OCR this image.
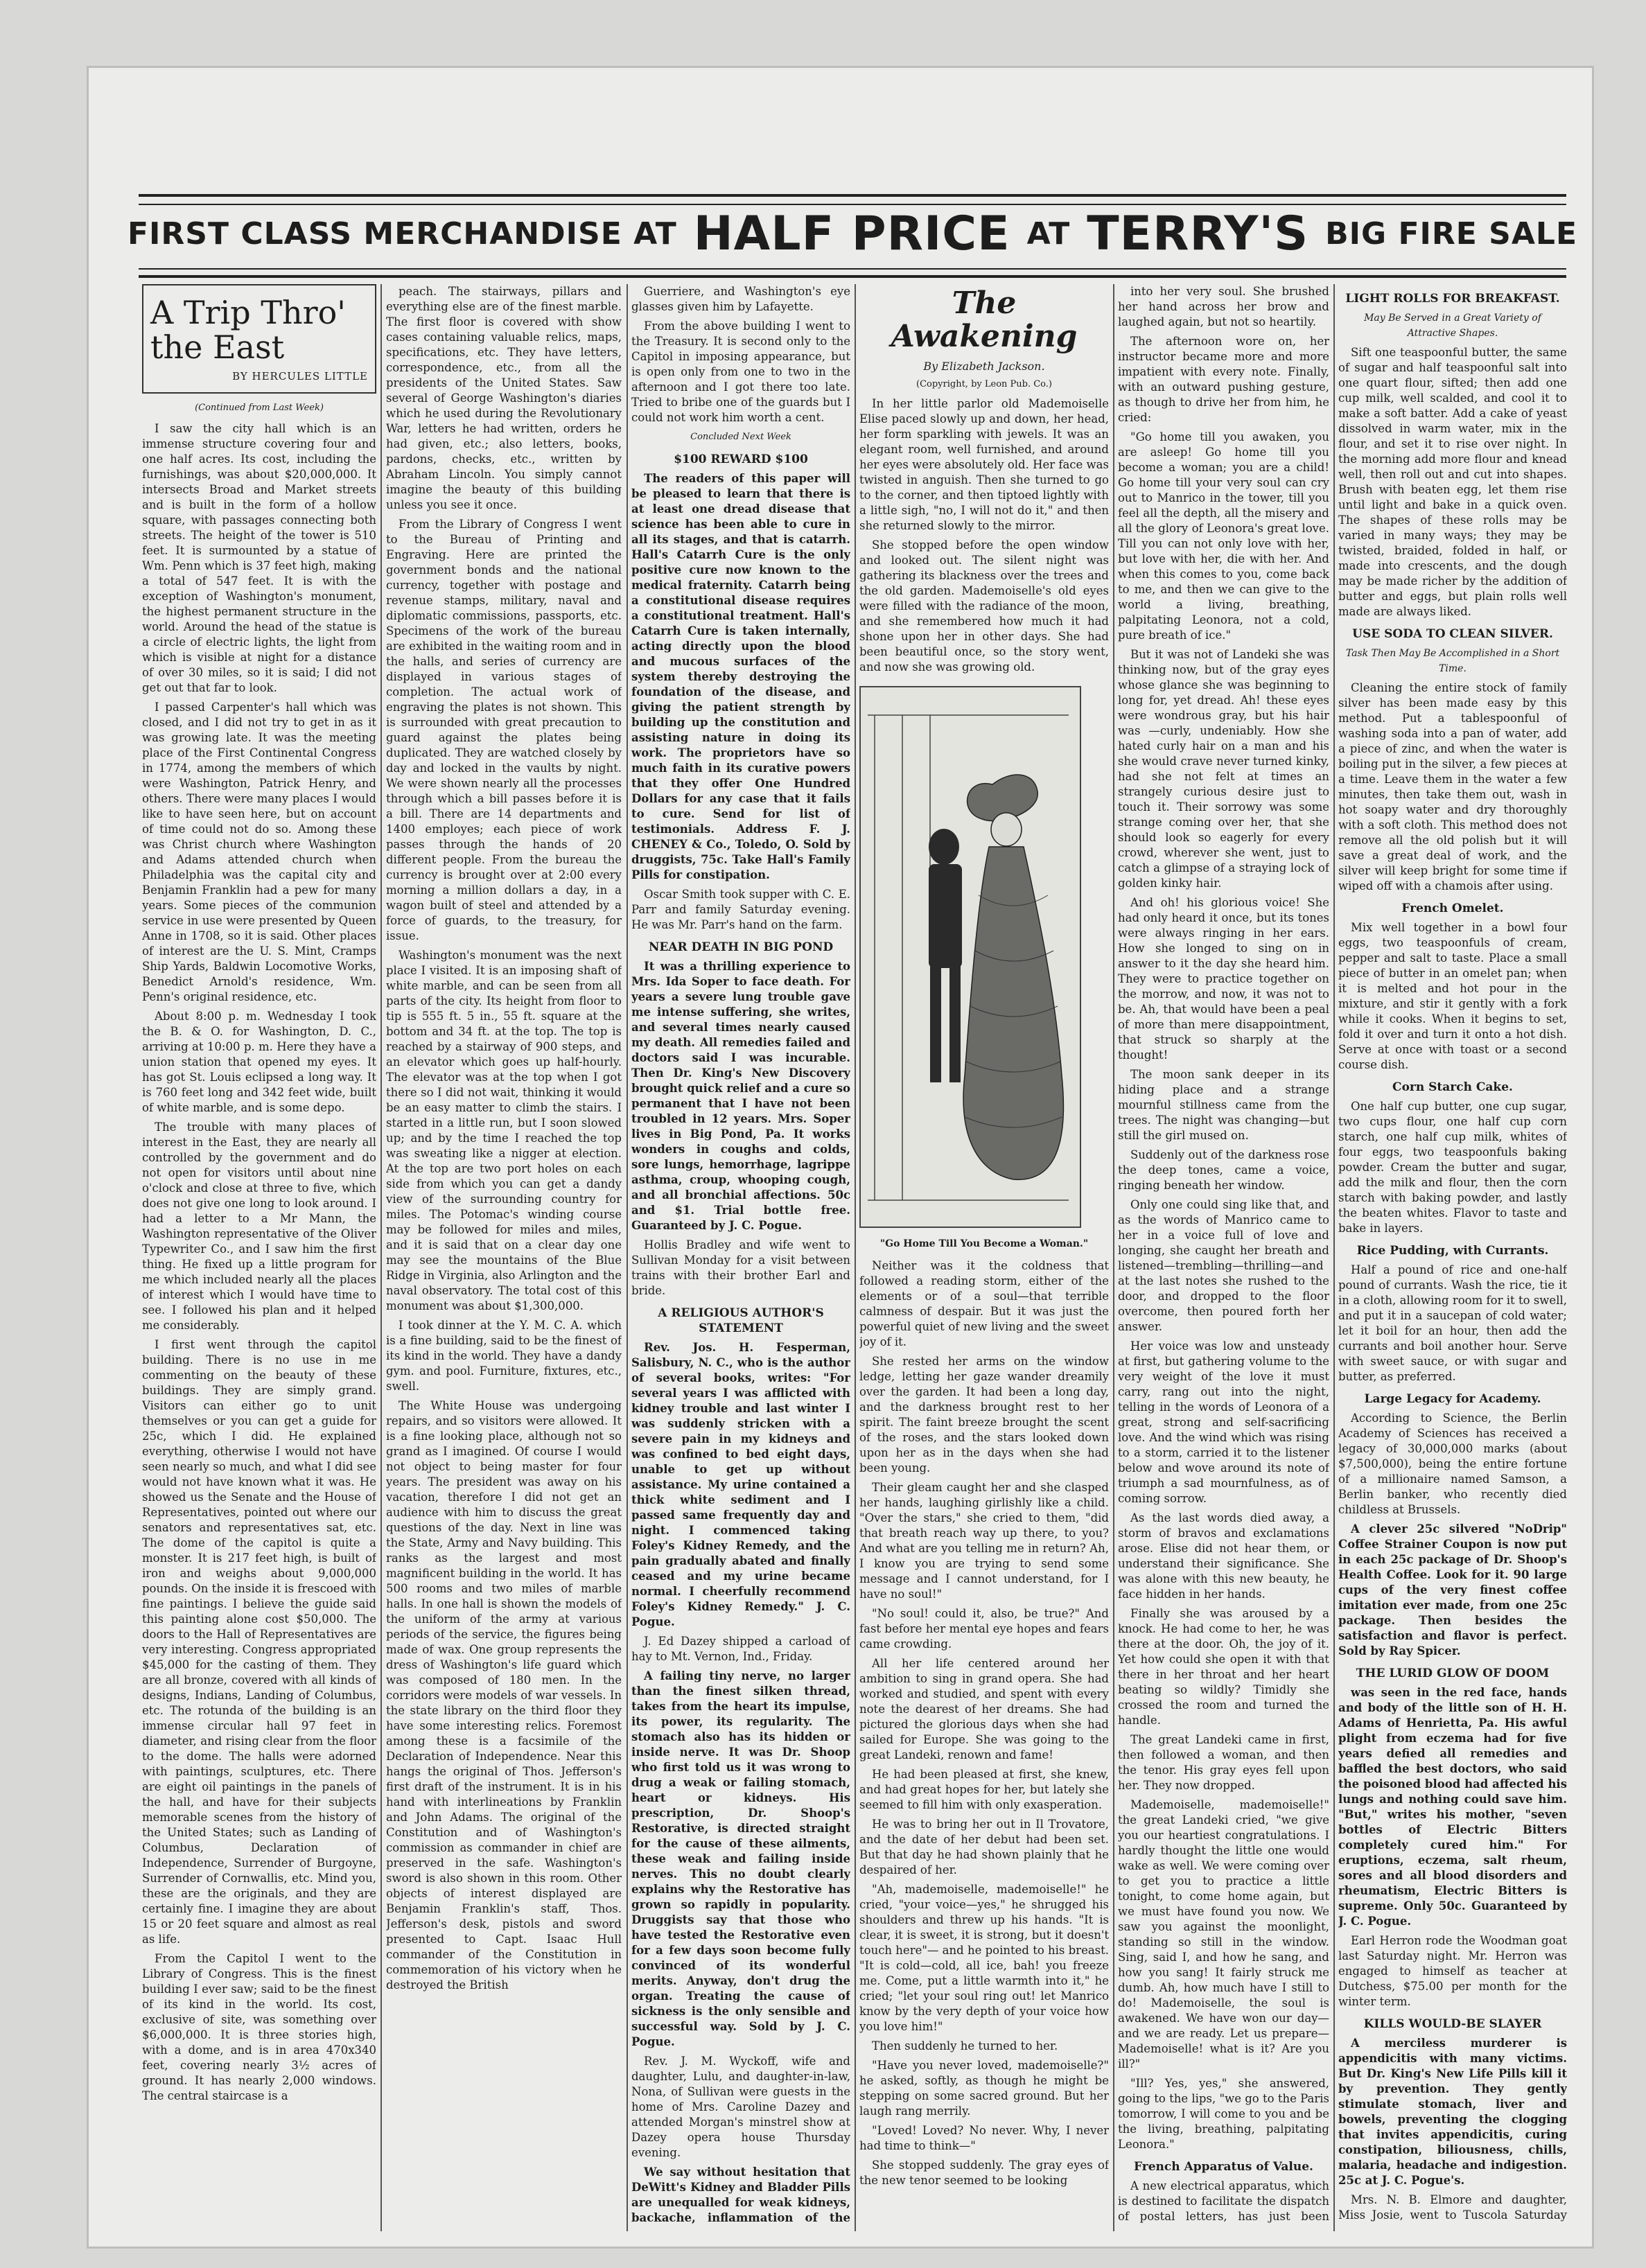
FIRST CLASS MERCHANDISE AT HALF PRICE AT TERRY'S BIG FIRE SALE
A Trip Thro' the East
BY HERCULES LITTLE
(Continued from Last Week)

I saw the city hall which is an immense structure covering four and one half acres. Its cost, including the furnishings, was about $20,000,000. It intersects Broad and Market streets and is built in the form of a hollow square, with passages connecting both streets. The height of the tower is 510 feet. It is surmounted by a statue of Wm. Penn which is 37 feet high, making a total of 547 feet. It is with the exception of Washington's monument, the highest permanent structure in the world. Around the head of the statue is a circle of electric lights, the light from which is visible at night for a distance of over 30 miles, so it is said; I did not get out that far to look.

I passed Carpenter's hall which was closed, and I did not try to get in as it was growing late. It was the meeting place of the First Continental Congress in 1774, among the members of which were Washington, Patrick Henry, and others. There were many places I would like to have seen here, but on account of time could not do so. Among these was Christ church where Washington and Adams attended church when Philadelphia was the capital city and Benjamin Franklin had a pew for many years. Some pieces of the communion service in use were presented by Queen Anne in 1708, so it is said. Other places of interest are the U. S. Mint, Cramps Ship Yards, Baldwin Locomotive Works, Benedict Arnold's residence, Wm. Penn's original residence, etc.

About 8:00 p. m. Wednesday I took the B. & O. for Washington, D. C., arriving at 10:00 p. m. Here they have a union station that opened my eyes. It has got St. Louis eclipsed a long way. It is 760 feet long and 342 feet wide, built of white marble, and is some depo.

The trouble with many places of interest in the East, they are nearly all controlled by the government and do not open for visitors until about nine o'clock and close at three to five, which does not give one long to look around. I had a letter to a Mr Mann, the Washington representative of the Oliver Typewriter Co., and I saw him the first thing. He fixed up a little program for me which included nearly all the places of interest which I would have time to see. I followed his plan and it helped me considerably.

I first went through the capitol building. There is no use in me commenting on the beauty of these buildings. They are simply grand. Visitors can either go to unit themselves or you can get a guide for 25c, which I did. He explained everything, otherwise I would not have seen nearly so much, and what I did see would not have known what it was. He showed us the Senate and the House of Representatives, pointed out where our senators and representatives sat, etc. The dome of the capitol is quite a monster. It is 217 feet high, is built of iron and weighs about 9,000,000 pounds. On the inside it is frescoed with fine paintings. I believe the guide said this painting alone cost $50,000. The doors to the Hall of Representatives are very interesting. Congress appropriated $45,000 for the casting of them. They are all bronze, covered with all kinds of designs, Indians, Landing of Columbus, etc. The rotunda of the building is an immense circular hall 97 feet in diameter, and rising clear from the floor to the dome. The halls were adorned with paintings, sculptures, etc. There are eight oil paintings in the panels of the hall, and have for their subjects memorable scenes from the history of the United States; such as Landing of Columbus, Declaration of Independence, Surrender of Burgoyne, Surrender of Cornwallis, etc. Mind you, these are the originals, and they are certainly fine. I imagine they are about 15 or 20 feet square and almost as real as life.

From the Capitol I went to the Library of Congress. This is the finest building I ever saw; said to be the finest of its kind in the world. Its cost, exclusive of site, was something over $6,000,000. It is three stories high, with a dome, and is in area 470x340 feet, covering nearly 3½ acres of ground. It has nearly 2,000 windows. The central staircase is a

peach. The stairways, pillars and everything else are of the finest marble. The first floor is covered with show cases containing valuable relics, maps, specifications, etc. They have letters, correspondence, etc., from all the presidents of the United States. Saw several of George Washington's diaries which he used during the Revolutionary War, letters he had written, orders he had given, etc.; also letters, books, pardons, checks, etc., written by Abraham Lincoln. You simply cannot imagine the beauty of this building unless you see it once.

From the Library of Congress I went to the Bureau of Printing and Engraving. Here are printed the government bonds and the national currency, together with postage and revenue stamps, military, naval and diplomatic commissions, passports, etc. Specimens of the work of the bureau are exhibited in the waiting room and in the halls, and series of currency are displayed in various stages of completion. The actual work of engraving the plates is not shown. This is surrounded with great precaution to guard against the plates being duplicated. They are watched closely by day and locked in the vaults by night. We were shown nearly all the processes through which a bill passes before it is a bill. There are 14 departments and 1400 employes; each piece of work passes through the hands of 20 different people. From the bureau the currency is brought over at 2:00 every morning a million dollars a day, in a wagon built of steel and attended by a force of guards, to the treasury, for issue.

Washington's monument was the next place I visited. It is an imposing shaft of white marble, and can be seen from all parts of the city. Its height from floor to tip is 555 ft. 5 in., 55 ft. square at the bottom and 34 ft. at the top. The top is reached by a stairway of 900 steps, and an elevator which goes up half-hourly. The elevator was at the top when I got there so I did not wait, thinking it would be an easy matter to climb the stairs. I started in a little run, but I soon slowed up; and by the time I reached the top was sweating like a nigger at election. At the top are two port holes on each side from which you can get a dandy view of the surrounding country for miles. The Potomac's winding course may be followed for miles and miles, and it is said that on a clear day one may see the mountains of the Blue Ridge in Virginia, also Arlington and the naval observatory. The total cost of this monument was about $1,300,000.

I took dinner at the Y. M. C. A. which is a fine building, said to be the finest of its kind in the world. They have a dandy gym. and pool. Furniture, fixtures, etc., swell.

The White House was undergoing repairs, and so visitors were allowed. It is a fine looking place, although not so grand as I imagined. Of course I would not object to being master for four years. The president was away on his vacation, therefore I did not get an audience with him to discuss the great questions of the day. Next in line was the State, Army and Navy building. This ranks as the largest and most magnificent building in the world. It has 500 rooms and two miles of marble halls. In one hall is shown the models of the uniform of the army at various periods of the service, the figures being made of wax. One group represents the dress of Washington's life guard which was composed of 180 men. In the corridors were models of war vessels. In the state library on the third floor they have some interesting relics. Foremost among these is a facsimile of the Declaration of Independence. Near this hangs the original of Thos. Jefferson's first draft of the instrument. It is in his hand with interlineations by Franklin and John Adams. The original of the Constitution and of Washington's commission as commander in chief are preserved in the safe. Washington's sword is also shown in this room. Other objects of interest displayed are Benjamin Franklin's staff, Thos. Jefferson's desk, pistols and sword presented to Capt. Isaac Hull commander of the Constitution in commemoration of his victory when he destroyed the British

Guerriere, and Washington's eye glasses given him by Lafayette.

From the above building I went to the Treasury. It is second only to the Capitol in imposing appearance, but is open only from one to two in the afternoon and I got there too late. Tried to bribe one of the guards but I could not work him worth a cent.

Concluded Next Week
$100 REWARD $100

The readers of this paper will be pleased to learn that there is at least one dread disease that science has been able to cure in all its stages, and that is catarrh. Hall's Catarrh Cure is the only positive cure now known to the medical fraternity. Catarrh being a constitutional disease requires a constitutional treatment. Hall's Catarrh Cure is taken internally, acting directly upon the blood and mucous surfaces of the system thereby destroying the foundation of the disease, and giving the patient strength by building up the constitution and assisting nature in doing its work. The proprietors have so much faith in its curative powers that they offer One Hundred Dollars for any case that it fails to cure. Send for list of testimonials. Address F. J. CHENEY & Co., Toledo, O. Sold by druggists, 75c. Take Hall's Family Pills for constipation.

Oscar Smith took supper with C. E. Parr and family Saturday evening. He was Mr. Parr's hand on the farm.

NEAR DEATH IN BIG POND

It was a thrilling experience to Mrs. Ida Soper to face death. For years a severe lung trouble gave me intense suffering, she writes, and several times nearly caused my death. All remedies failed and doctors said I was incurable. Then Dr. King's New Discovery brought quick relief and a cure so permanent that I have not been troubled in 12 years. Mrs. Soper lives in Big Pond, Pa. It works wonders in coughs and colds, sore lungs, hemorrhage, lagrippe asthma, croup, whooping cough, and all bronchial affections. 50c and $1. Trial bottle free. Guaranteed by J. C. Pogue.

Hollis Bradley and wife went to Sullivan Monday for a visit between trains with their brother Earl and bride.

A RELIGIOUS AUTHOR'S STATEMENT

Rev. Jos. H. Fesperman, Salisbury, N. C., who is the author of several books, writes: "For several years I was afflicted with kidney trouble and last winter I was suddenly stricken with a severe pain in my kidneys and was confined to bed eight days, unable to get up without assistance. My urine contained a thick white sediment and I passed same frequently day and night. I commenced taking Foley's Kidney Remedy, and the pain gradually abated and finally ceased and my urine became normal. I cheerfully recommend Foley's Kidney Remedy." J. C. Pogue.

J. Ed Dazey shipped a carload of hay to Mt. Vernon, Ind., Friday.

A failing tiny nerve, no larger than the finest silken thread, takes from the heart its impulse, its power, its regularity. The stomach also has its hidden or inside nerve. It was Dr. Shoop who first told us it was wrong to drug a weak or failing stomach, heart or kidneys. His prescription, Dr. Shoop's Restorative, is directed straight for the cause of these ailments, these weak and failing inside nerves. This no doubt clearly explains why the Restorative has grown so rapidly in popularity. Druggists say that those who have tested the Restorative even for a few days soon become fully convinced of its wonderful merits. Anyway, don't drug the organ. Treating the cause of sickness is the only sensible and successful way. Sold by J. C. Pogue.

Rev. J. M. Wyckoff, wife and daughter, Lulu, and daughter-in-law, Nona, of Sullivan were guests in the home of Mrs. Caroline Dazey and attended Morgan's minstrel show at Dazey opera house Thursday evening.

We say without hesitation that DeWitt's Kidney and Bladder Pills are unequalled for weak kidneys, backache, inflammation of the

The
Awakening
By Elizabeth Jackson.
(Copyright, by Leon Pub. Co.)

In her little parlor old Mademoiselle Elise paced slowly up and down, her head, her form sparkling with jewels. It was an elegant room, well furnished, and around her eyes were absolutely old. Her face was twisted in anguish. Then she turned to go to the corner, and then tiptoed lightly with a little sigh, "no, I will not do it," and then she returned slowly to the mirror.

She stopped before the open window and looked out. The silent night was gathering its blackness over the trees and the old garden. Mademoiselle's old eyes were filled with the radiance of the moon, and she remembered how much it had shone upon her in other days. She had been beautiful once, so the story went, and now she was growing old.

"Go Home Till You Become a Woman."

Neither was it the coldness that followed a reading storm, either of the elements or of a soul—that terrible calmness of despair. But it was just the powerful quiet of new living and the sweet joy of it.

She rested her arms on the window ledge, letting her gaze wander dreamily over the garden. It had been a long day, and the darkness brought rest to her spirit. The faint breeze brought the scent of the roses, and the stars looked down upon her as in the days when she had been young.

Their gleam caught her and she clasped her hands, laughing girlishly like a child. "Over the stars," she cried to them, "did that breath reach way up there, to you? And what are you telling me in return? Ah, I know you are trying to send some message and I cannot understand, for I have no soul!"

"No soul! could it, also, be true?" And fast before her mental eye hopes and fears came crowding.

All her life centered around her ambition to sing in grand opera. She had worked and studied, and spent with every note the dearest of her dreams. She had pictured the glorious days when she had sailed for Europe. She was going to the great Landeki, renown and fame!

He had been pleased at first, she knew, and had great hopes for her, but lately she seemed to fill him with only exasperation.

He was to bring her out in Il Trovatore, and the date of her debut had been set. But that day he had shown plainly that he despaired of her.

"Ah, mademoiselle, mademoiselle!" he cried, "your voice—yes," he shrugged his shoulders and threw up his hands. "It is clear, it is sweet, it is strong, but it doesn't touch here"— and he pointed to his breast. "It is cold—cold, all ice, bah! you freeze me. Come, put a little warmth into it," he cried; "let your soul ring out! let Manrico know by the very depth of your voice how you love him!"

Then suddenly he turned to her.

"Have you never loved, mademoiselle?" he asked, softly, as though he might be stepping on some sacred ground. But her laugh rang merrily.

"Loved! Loved? No never. Why, I never had time to think—"

She stopped suddenly. The gray eyes of the new tenor seemed to be looking

into her very soul. She brushed her hand across her brow and laughed again, but not so heartily.

The afternoon wore on, her instructor became more and more impatient with every note. Finally, with an outward pushing gesture, as though to drive her from him, he cried:

"Go home till you awaken, you are asleep! Go home till you become a woman; you are a child! Go home till your very soul can cry out to Manrico in the tower, till you feel all the depth, all the misery and all the glory of Leonora's great love. Till you can not only love with her, but love with her, die with her. And when this comes to you, come back to me, and then we can give to the world a living, breathing, palpitating Leonora, not a cold, pure breath of ice."

But it was not of Landeki she was thinking now, but of the gray eyes whose glance she was beginning to long for, yet dread. Ah! these eyes were wondrous gray, but his hair was —curly, undeniably. How she hated curly hair on a man and his she would crave never turned kinky, had she not felt at times an strangely curious desire just to touch it. Their sorrowy was some strange coming over her, that she should look so eagerly for every crowd, wherever she went, just to catch a glimpse of a straying lock of golden kinky hair.

And oh! his glorious voice! She had only heard it once, but its tones were always ringing in her ears. How she longed to sing on in answer to it the day she heard him. They were to practice together on the morrow, and now, it was not to be. Ah, that would have been a peal of more than mere disappointment, that struck so sharply at the thought!

The moon sank deeper in its hiding place and a strange mournful stillness came from the trees. The night was changing—but still the girl mused on.

Suddenly out of the darkness rose the deep tones, came a voice, ringing beneath her window.

Only one could sing like that, and as the words of Manrico came to her in a voice full of love and longing, she caught her breath and listened—trembling—thrilling—and at the last notes she rushed to the door, and dropped to the floor overcome, then poured forth her answer.

Her voice was low and unsteady at first, but gathering volume to the very weight of the love it must carry, rang out into the night, telling in the words of Leonora of a great, strong and self-sacrificing love. And the wind which was rising to a storm, carried it to the listener below and wove around its note of triumph a sad mournfulness, as of coming sorrow.

As the last words died away, a storm of bravos and exclamations arose. Elise did not hear them, or understand their significance. She was alone with this new beauty, he face hidden in her hands.

Finally she was aroused by a knock. He had come to her, he was there at the door. Oh, the joy of it. Yet how could she open it with that there in her throat and her heart beating so wildly? Timidly she crossed the room and turned the handle.

The great Landeki came in first, then followed a woman, and then the tenor. His gray eyes fell upon her. They now dropped.

Mademoiselle, mademoiselle!" the great Landeki cried, "we give you our heartiest congratulations. I hardly thought the little one would wake as well. We were coming over to get you to practice a little tonight, to come home again, but we must have found you now. We saw you against the moonlight, standing so still in the window. Sing, said I, and how he sang, and how you sang! It fairly struck me dumb. Ah, how much have I still to do! Mademoiselle, the soul is awakened. We have won our day—and we are ready. Let us prepare—Mademoiselle! what is it? Are you ill?"

"Ill? Yes, yes," she answered, going to the lips, "we go to the Paris tomorrow, I will come to you and be the living, breathing, palpitating Leonora."

French Apparatus of Value.

A new electrical apparatus, which is destined to facilitate the dispatch of postal letters, has just been

LIGHT ROLLS FOR BREAKFAST.
May Be Served in a Great Variety of Attractive Shapes.

Sift one teaspoonful butter, the same of sugar and half teaspoonful salt into one quart flour, sifted; then add one cup milk, well scalded, and cool it to make a soft batter. Add a cake of yeast dissolved in warm water, mix in the flour, and set it to rise over night. In the morning add more flour and knead well, then roll out and cut into shapes. Brush with beaten egg, let them rise until light and bake in a quick oven. The shapes of these rolls may be varied in many ways; they may be twisted, braided, folded in half, or made into crescents, and the dough may be made richer by the addition of butter and eggs, but plain rolls well made are always liked.

USE SODA TO CLEAN SILVER.
Task Then May Be Accomplished in a Short Time.

Cleaning the entire stock of family silver has been made easy by this method. Put a tablespoonful of washing soda into a pan of water, add a piece of zinc, and when the water is boiling put in the silver, a few pieces at a time. Leave them in the water a few minutes, then take them out, wash in hot soapy water and dry thoroughly with a soft cloth. This method does not remove all the old polish but it will save a great deal of work, and the silver will keep bright for some time if wiped off with a chamois after using.

French Omelet.

Mix well together in a bowl four eggs, two teaspoonfuls of cream, pepper and salt to taste. Place a small piece of butter in an omelet pan; when it is melted and hot pour in the mixture, and stir it gently with a fork while it cooks. When it begins to set, fold it over and turn it onto a hot dish. Serve at once with toast or a second course dish.

Corn Starch Cake.

One half cup butter, one cup sugar, two cups flour, one half cup corn starch, one half cup milk, whites of four eggs, two teaspoonfuls baking powder. Cream the butter and sugar, add the milk and flour, then the corn starch with baking powder, and lastly the beaten whites. Flavor to taste and bake in layers.

Rice Pudding, with Currants.

Half a pound of rice and one-half pound of currants. Wash the rice, tie it in a cloth, allowing room for it to swell, and put it in a saucepan of cold water; let it boil for an hour, then add the currants and boil another hour. Serve with sweet sauce, or with sugar and butter, as preferred.

Large Legacy for Academy.

According to Science, the Berlin Academy of Sciences has received a legacy of 30,000,000 marks (about $7,500,000), being the entire fortune of a millionaire named Samson, a Berlin banker, who recently died childless at Brussels.

A clever 25c silvered "NoDrip" Coffee Strainer Coupon is now put in each 25c package of Dr. Shoop's Health Coffee. Look for it. 90 large cups of the very finest coffee imitation ever made, from one 25c package. Then besides the satisfaction and flavor is perfect. Sold by Ray Spicer.

THE LURID GLOW OF DOOM

was seen in the red face, hands and body of the little son of H. H. Adams of Henrietta, Pa. His awful plight from eczema had for five years defied all remedies and baffled the best doctors, who said the poisoned blood had affected his lungs and nothing could save him. "But," writes his mother, "seven bottles of Electric Bitters completely cured him." For eruptions, eczema, salt rheum, sores and all blood disorders and rheumatism, Electric Bitters is supreme. Only 50c. Guaranteed by J. C. Pogue.

Earl Herron rode the Woodman goat last Saturday night. Mr. Herron was engaged to himself as teacher at Dutchess, $75.00 per month for the winter term.

KILLS WOULD-BE SLAYER

A merciless murderer is appendicitis with many victims. But Dr. King's New Life Pills kill it by prevention. They gently stimulate stomach, liver and bowels, preventing the clogging that invites appendicitis, curing constipation, biliousness, chills, malaria, headache and indigestion. 25c at J. C. Pogue's.

Mrs. N. B. Elmore and daughter, Miss Josie, went to Tuscola Saturday
